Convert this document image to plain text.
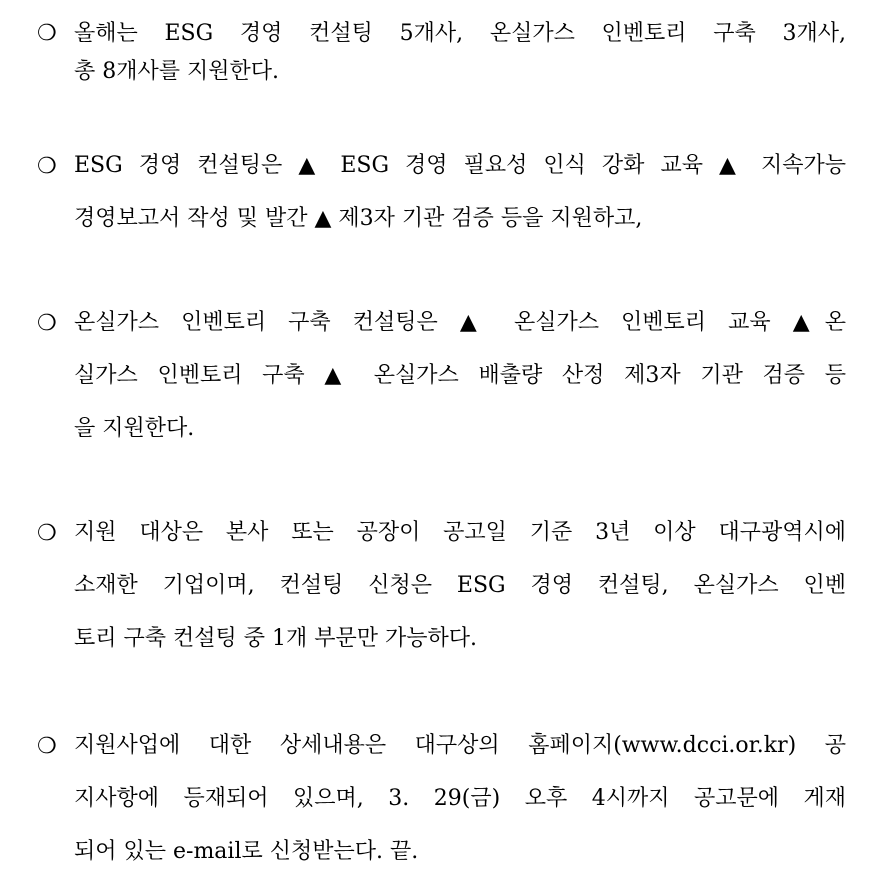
❍ 올해는 ESG 경영 컨설팅 5개사, 온실가스 인벤토리 구축 3개사,
총 8개사를 지원한다.
❍ ESG 경영 컨설팅은 ▲ ESG 경영 필요성 인식 강화 교육 ▲ 지속가능
경영보고서 작성 및 발간 ▲ 제3자 기관 검증 등을 지원하고,
❍ 온실가스 인벤토리 구축 컨설팅은 ▲ 온실가스 인벤토리 교육 ▲온
실가스 인벤토리 구축 ▲ 온실가스 배출량 산정 제3자 기관 검증 등
을 지원한다.
❍ 지원 대상은 본사 또는 공장이 공고일 기준 3년 이상 대구광역시에
소재한 기업이며, 컨설팅 신청은 ESG 경영 컨설팅, 온실가스 인벤
토리 구축 컨설팅 중 1개 부문만 가능하다.
❍ 지원사업에 대한 상세내용은 대구상의 홈페이지(www.dcci.or.kr) 공
지사항에 등재되어 있으며, 3. 29(금) 오후 4시까지 공고문에 게재
되어 있는 e-mail로 신청받는다. 끝.
